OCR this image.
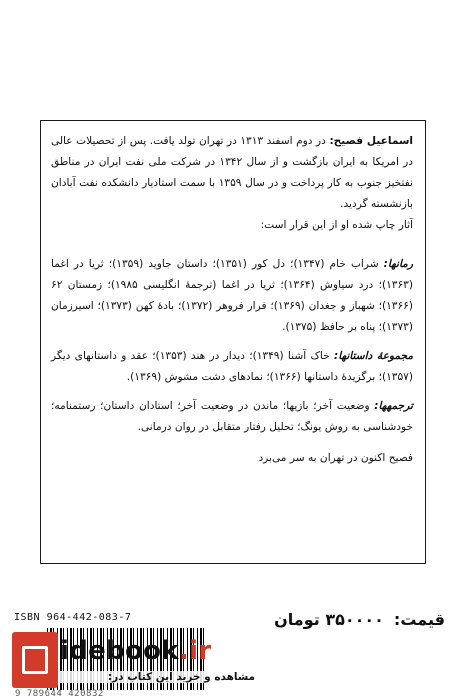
اسماعیل فصیح: در دوم اسفند ۱۳۱۳ در تهران تولد یافت. پس از تحصیلات عالی در امریکا به ایران بازگشت و از سال ۱۳۴۲ در شرکت ملی نفت ایران در مناطق نفتخیز جنوب به کار پرداخت و در سال ۱۳۵۹ با سمت استادیار دانشکده نفت آبادان بازنشسته گردید.

آثار چاپ شده او از این قرار است:

رمانها: شراب خام (۱۳۴۷)؛ دل کور (۱۳۵۱)؛ داستان جاوید (۱۳۵۹)؛ ثریا در اغما (۱۳۶۳)؛ درد سیاوش (۱۳۶۴)؛ ثریا در اغما (ترجمهٔ انگلیسی ۱۹۸۵)؛ زمستان ۶۲ (۱۳۶۶)؛ شهباز و جغدان (۱۳۶۹)؛ فرار فروهر (۱۳۷۲)؛ بادهٔ کهن (۱۳۷۳)؛ اسیرزمان (۱۳۷۳)؛ پناه بر حافظ (۱۳۷۵).

مجموعهٔ داستانها: خاک آشنا (۱۳۴۹)؛ دیدار در هند (۱۳۵۳)؛ عقد و داستانهای دیگر (۱۳۵۷)؛ برگزیدهٔ داستانها (۱۳۶۶)؛ نمادهای دشت مشوش (۱۳۶۹).

ترجمهها: وضعیت آخر؛ بازیها؛ ماندن در وضعیت آخر؛ استادان داستان؛ رستمنامه؛ خودشناسی به روش یونگ؛ تحلیل رفتار متقابل در روان درمانی.

فصیح اکنون در تهران به سر می‌برد

قیمت:۳۵۰۰۰۰ تومان
ISBN 964-442-083-7
9 789644 420832
idebook.ir
مشاهده و خرید این کتاب در:
